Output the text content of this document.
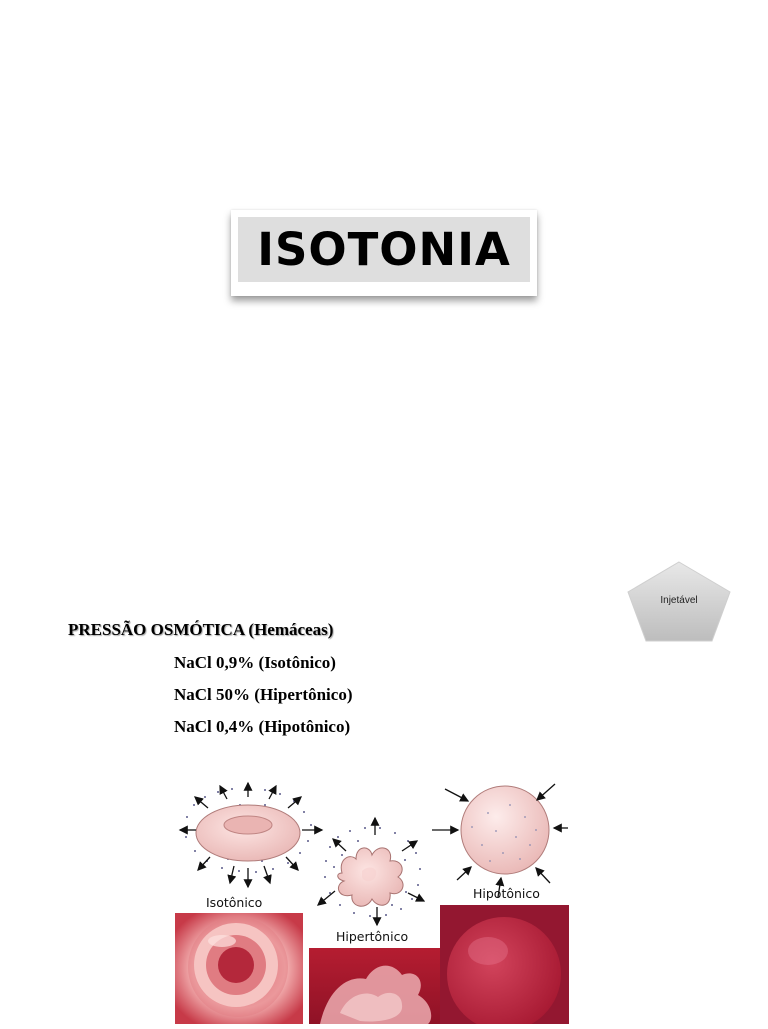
ISOTONIA
Injetável
PRESSÃO OSMÓTICA (Hemáceas)
NaCl 0,9% (Isotônico)
NaCl 50% (Hipertônico)
NaCl 0,4% (Hipotônico)
Isotônico
Hipertônico
Hipotônico
